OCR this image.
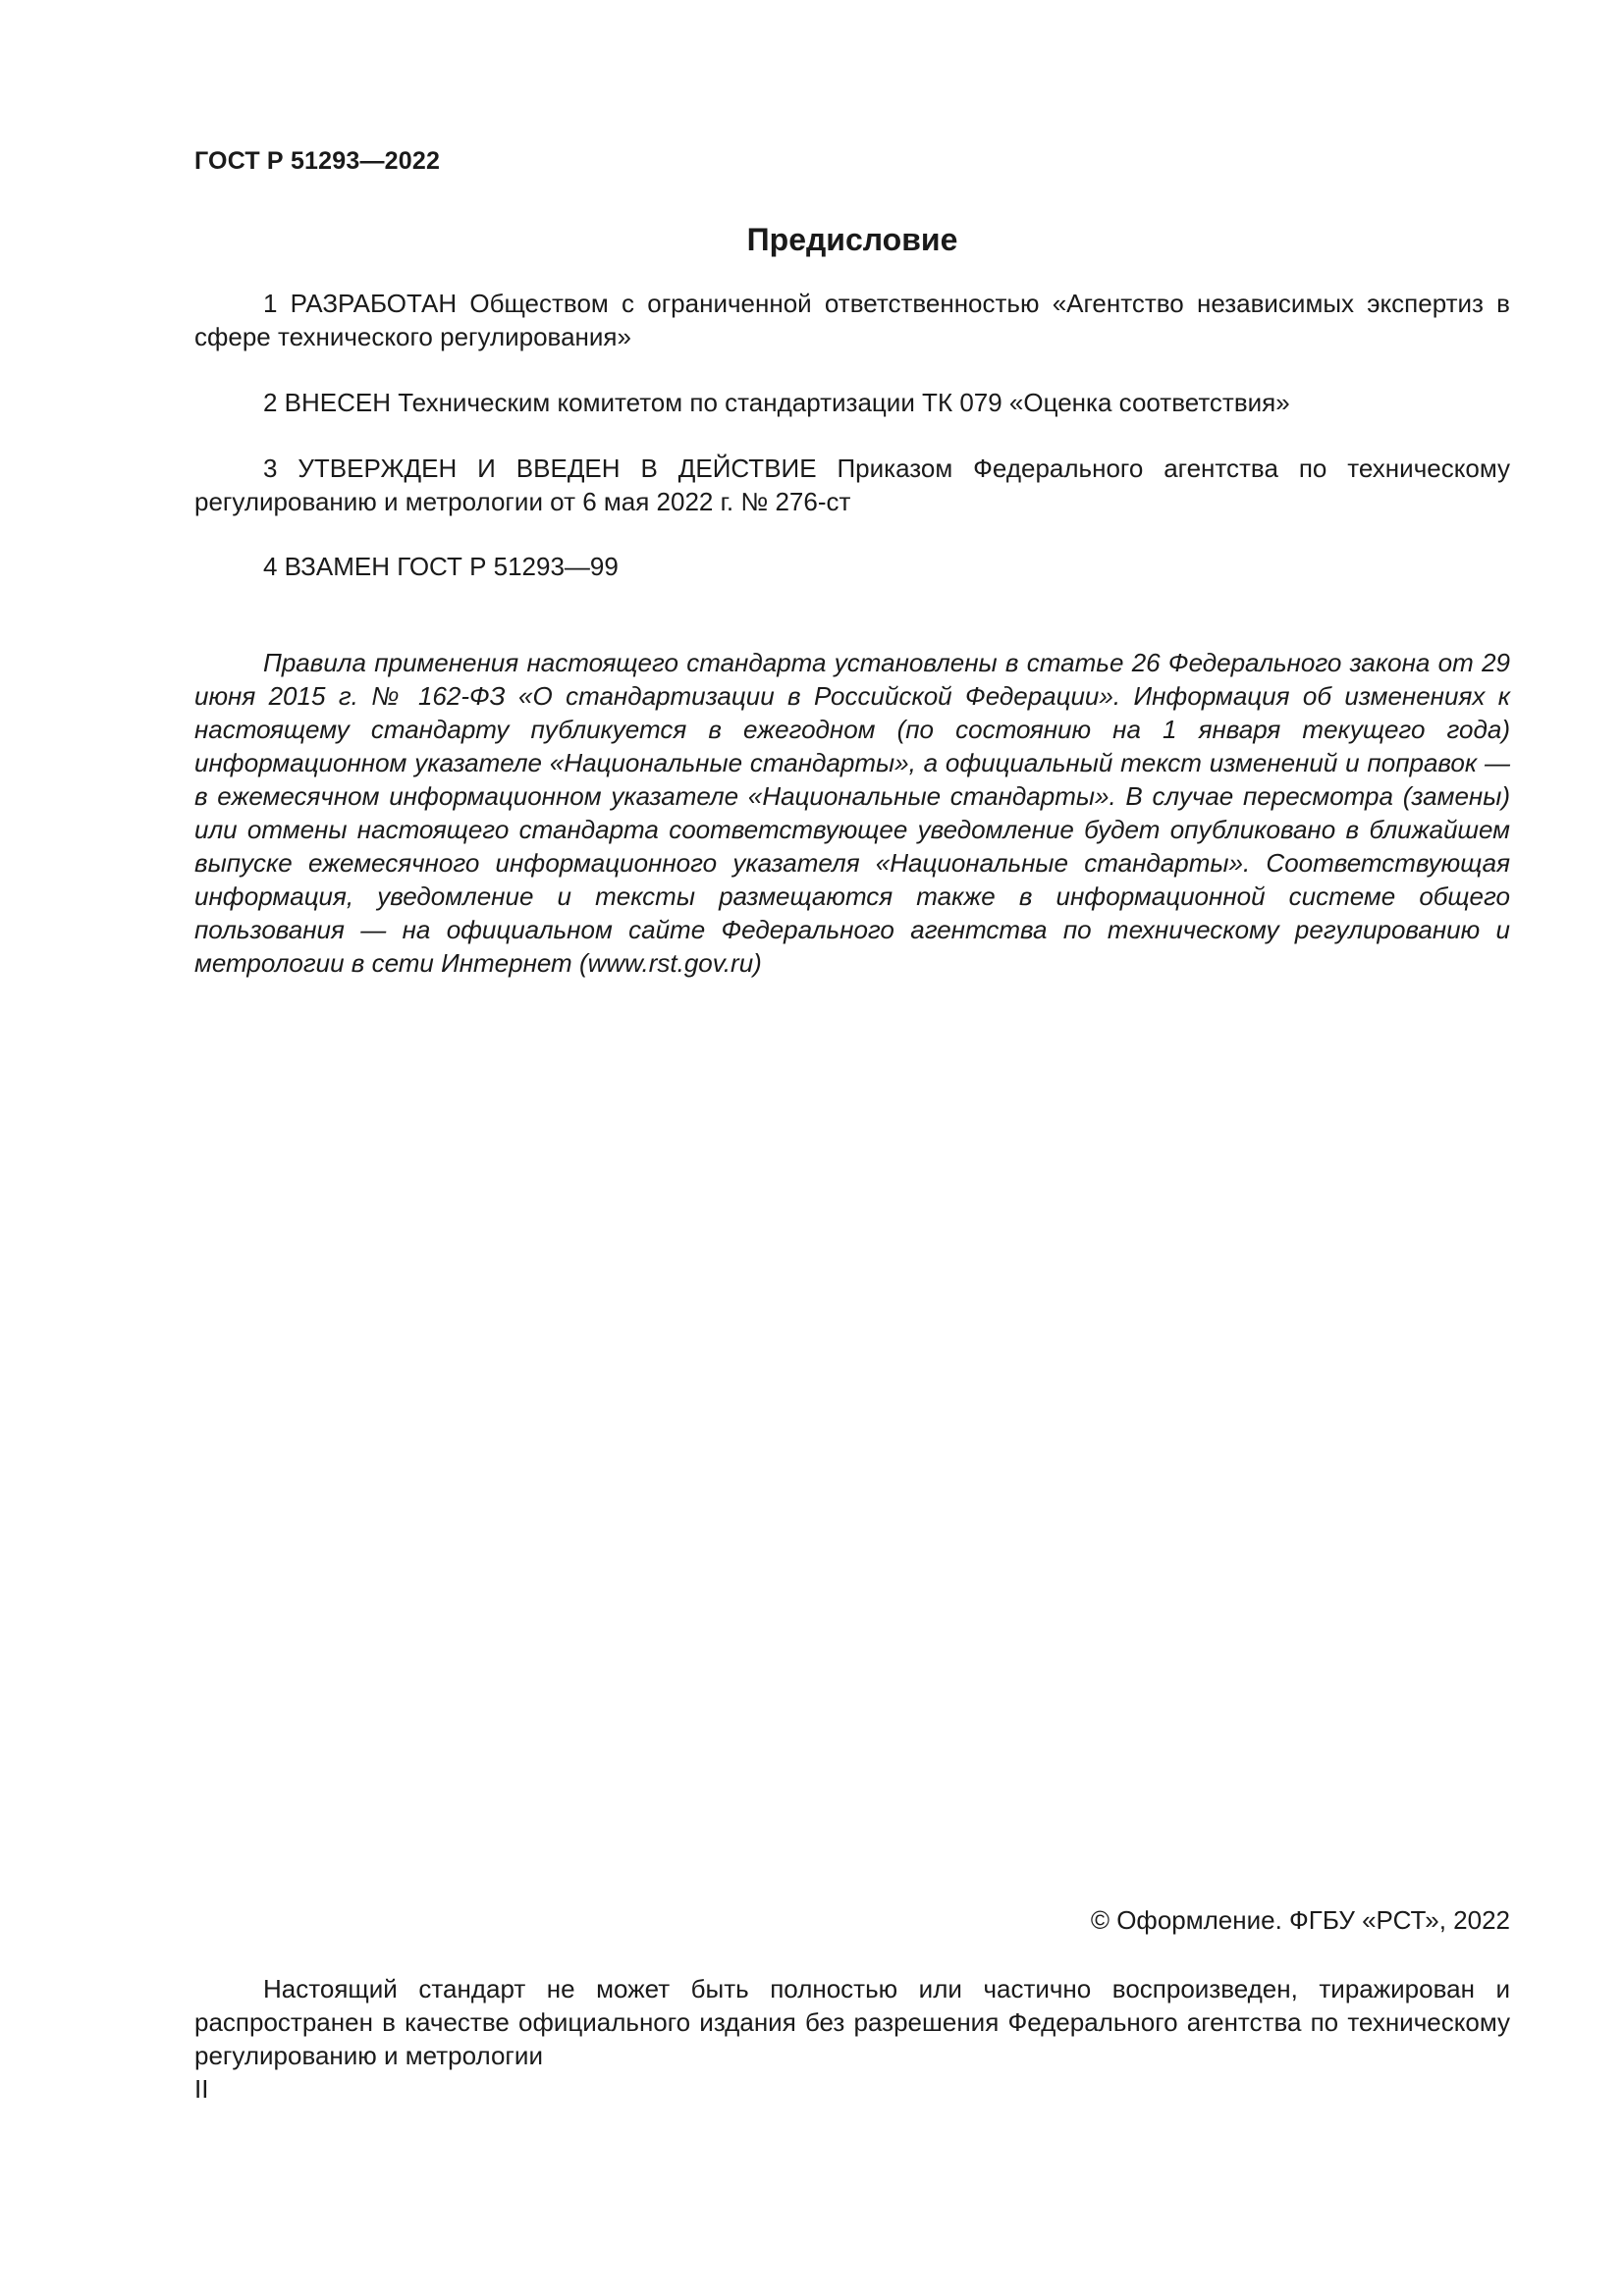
ГОСТ Р 51293—2022
Предисловие

1 РАЗРАБОТАН Обществом с ограниченной ответственностью «Агентство независимых экспертиз в сфере технического регулирования»

2 ВНЕСЕН Техническим комитетом по стандартизации ТК 079 «Оценка соответствия»

3 УТВЕРЖДЕН И ВВЕДЕН В ДЕЙСТВИЕ Приказом Федерального агентства по техническому регулированию и метрологии от 6 мая 2022 г. № 276-ст

4 ВЗАМЕН ГОСТ Р 51293—99

Правила применения настоящего стандарта установлены в статье 26 Федерального закона от 29 июня 2015 г. № 162-ФЗ «О стандартизации в Российской Федерации». Информация об изменениях к настоящему стандарту публикуется в ежегодном (по состоянию на 1 января текущего года) информационном указателе «Национальные стандарты», а официальный текст изменений и поправок — в ежемесячном информационном указателе «Национальные стандарты». В случае пересмотра (замены) или отмены настоящего стандарта соответствующее уведомление будет опубликовано в ближайшем выпуске ежемесячного информационного указателя «Национальные стандарты». Соответствующая информация, уведомление и тексты размещаются также в информационной системе общего пользования — на официальном сайте Федерального агентства по техническому регулированию и метрологии в сети Интернет (www.rst.gov.ru)

© Оформление. ФГБУ «РСТ», 2022

Настоящий стандарт не может быть полностью или частично воспроизведен, тиражирован и распространен в качестве официального издания без разрешения Федерального агентства по техническому регулированию и метрологии

II
